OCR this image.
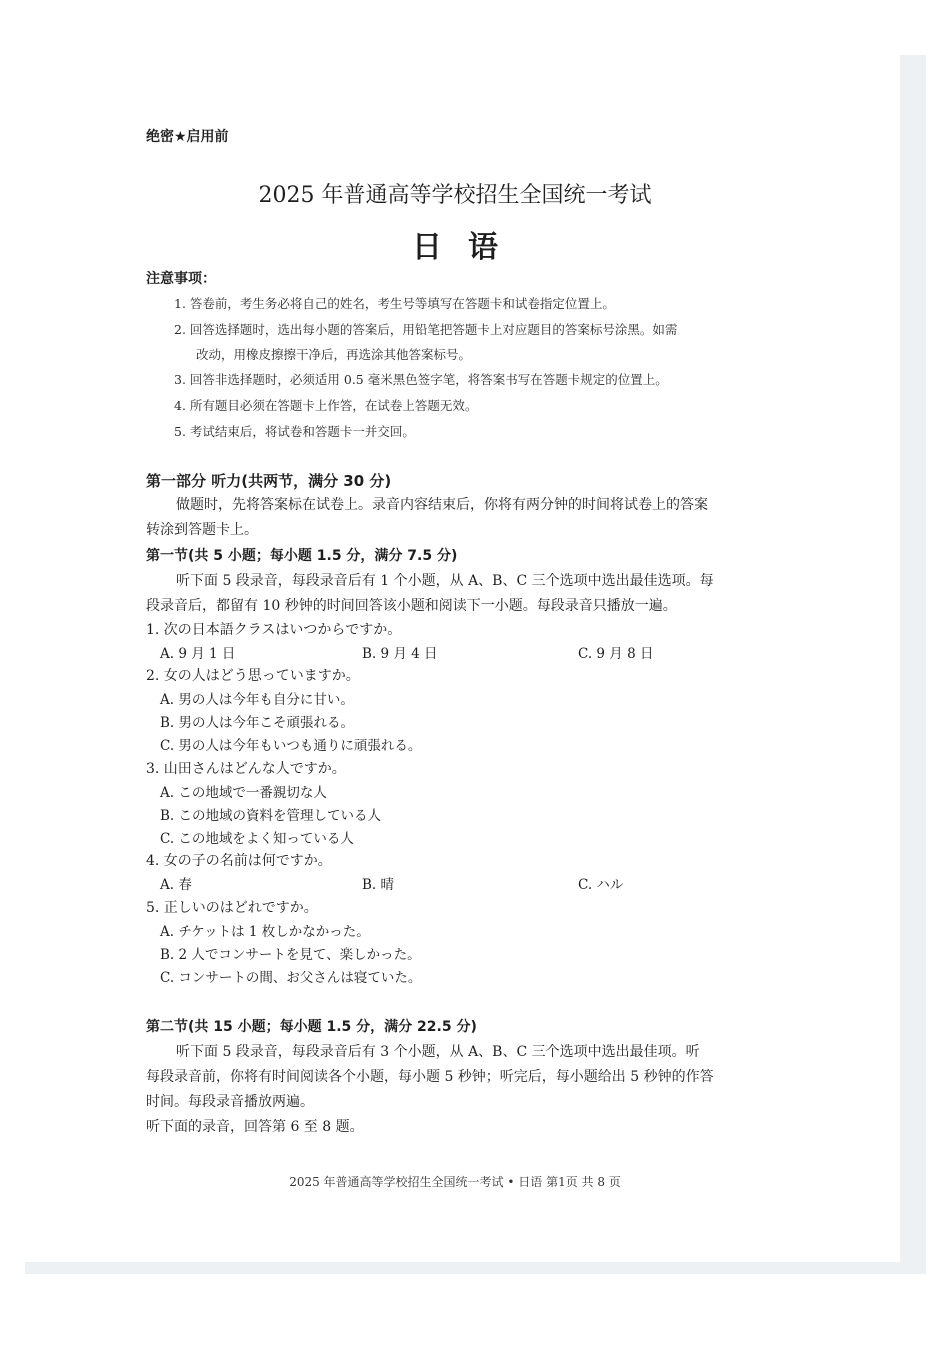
绝密★启用前
2025 年普通高等学校招生全国统一考试
日语
注意事项：
1. 答卷前，考生务必将自己的姓名，考生号等填写在答题卡和试卷指定位置上。
2. 回答选择题时，选出每小题的答案后，用铅笔把答题卡上对应题目的答案标号涂黑。如需
改动，用橡皮擦擦干净后，再选涂其他答案标号。
3. 回答非选择题时，必须适用 0.5 毫米黑色签字笔，将答案书写在答题卡规定的位置上。
4. 所有题目必须在答题卡上作答，在试卷上答题无效。
5. 考试结束后，将试卷和答题卡一并交回。
第一部分 听力(共两节，满分 30 分)
做题时，先将答案标在试卷上。录音内容结束后，你将有两分钟的时间将试卷上的答案
转涂到答题卡上。
第一节(共 5 小题；每小题 1.5 分，满分 7.5 分)
听下面 5 段录音，每段录音后有 1 个小题，从 A、B、C 三个选项中选出最佳选项。每
段录音后，都留有 10 秒钟的时间回答该小题和阅读下一小题。每段录音只播放一遍。
1. 次の日本語クラスはいつからですか。
A. 9 月 1 日	B. 9 月 4 日	C. 9 月 8 日
2. 女の人はどう思っていますか。
A. 男の人は今年も自分に甘い。
B. 男の人は今年こそ頑張れる。
C. 男の人は今年もいつも通りに頑張れる。
3. 山田さんはどんな人ですか。
A. この地域で一番親切な人
B. この地域の資料を管理している人
C. この地域をよく知っている人
4. 女の子の名前は何ですか。
A. 春	B. 晴	C. ハル
5. 正しいのはどれですか。
A. チケットは 1 枚しかなかった。
B. 2 人でコンサートを見て、楽しかった。
C. コンサートの間、お父さんは寝ていた。
第二节(共 15 小题；每小题 1.5 分，满分 22.5 分)
听下面 5 段录音，每段录音后有 3 个小题，从 A、B、C 三个选项中选出最佳项。听
每段录音前，你将有时间阅读各个小题，每小题 5 秒钟；听完后，每小题给出 5 秒钟的作答
时间。每段录音播放两遍。
听下面的录音，回答第 6 至 8 题。
2025 年普通高等学校招生全国统一考试 • 日语 第1页 共 8 页
